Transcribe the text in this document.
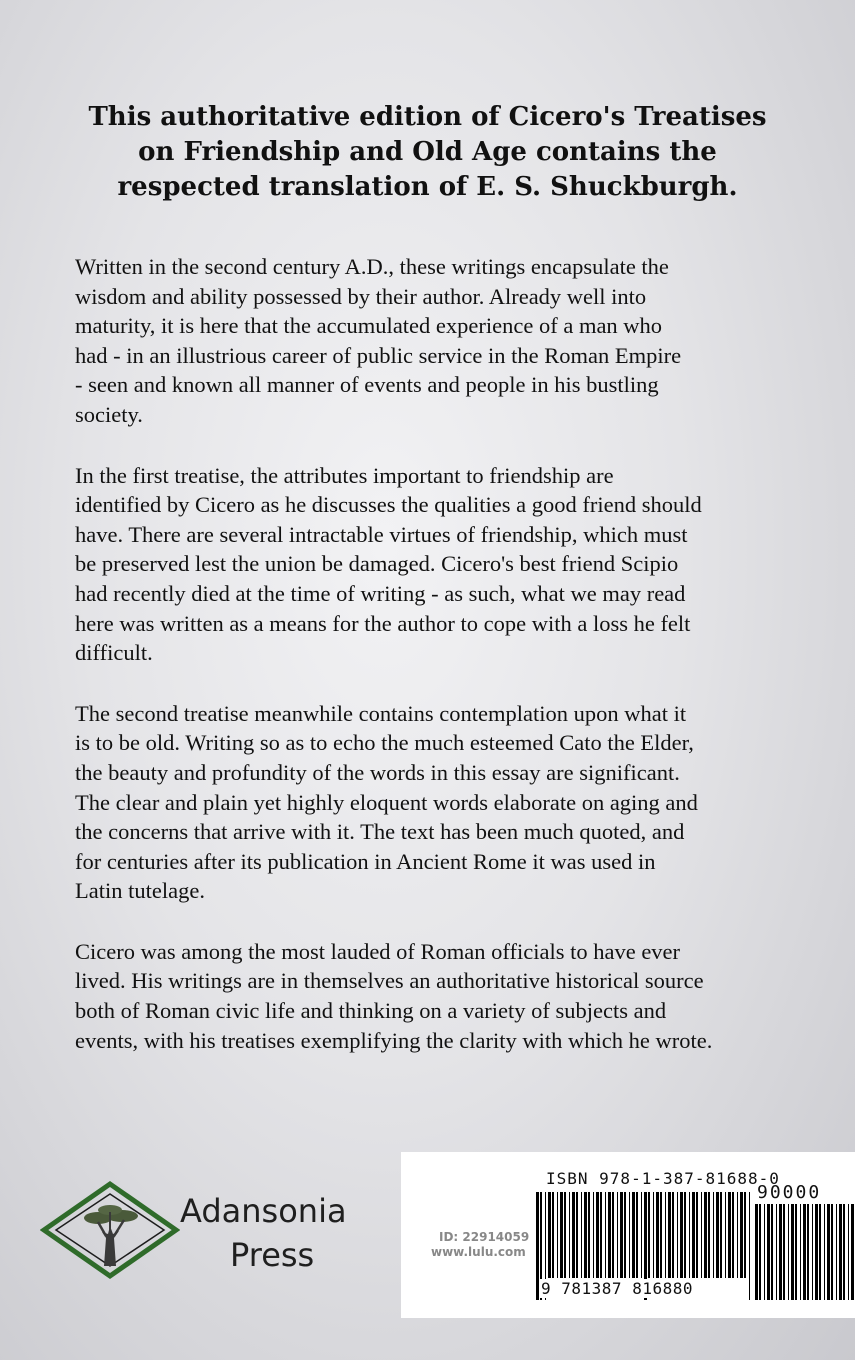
This authoritative edition of Cicero's Treatises
on Friendship and Old Age contains the
respected translation of E. S. Shuckburgh.

Written in the second century A.D., these writings encapsulate the
wisdom and ability possessed by their author. Already well into
maturity, it is here that the accumulated experience of a man who
had - in an illustrious career of public service in the Roman Empire
- seen and known all manner of events and people in his bustling
society.

In the first treatise, the attributes important to friendship are
identified by Cicero as he discusses the qualities a good friend should
have. There are several intractable virtues of friendship, which must
be preserved lest the union be damaged. Cicero's best friend Scipio
had recently died at the time of writing - as such, what we may read
here was written as a means for the author to cope with a loss he felt
difficult.

The second treatise meanwhile contains contemplation upon what it
is to be old. Writing so as to echo the much esteemed Cato the Elder,
the beauty and profundity of the words in this essay are significant.
The clear and plain yet highly eloquent words elaborate on aging and
the concerns that arrive with it. The text has been much quoted, and
for centuries after its publication in Ancient Rome it was used in
Latin tutelage.

Cicero was among the most lauded of Roman officials to have ever
lived. His writings are in themselves an authoritative historical source
both of Roman civic life and thinking on a variety of subjects and
events, with his treatises exemplifying the clarity with which he wrote.

Adansonia
Press
ISBN 978-1-387-81688-0
90000
ID: 22914059
www.lulu.com
9 781387 816880
